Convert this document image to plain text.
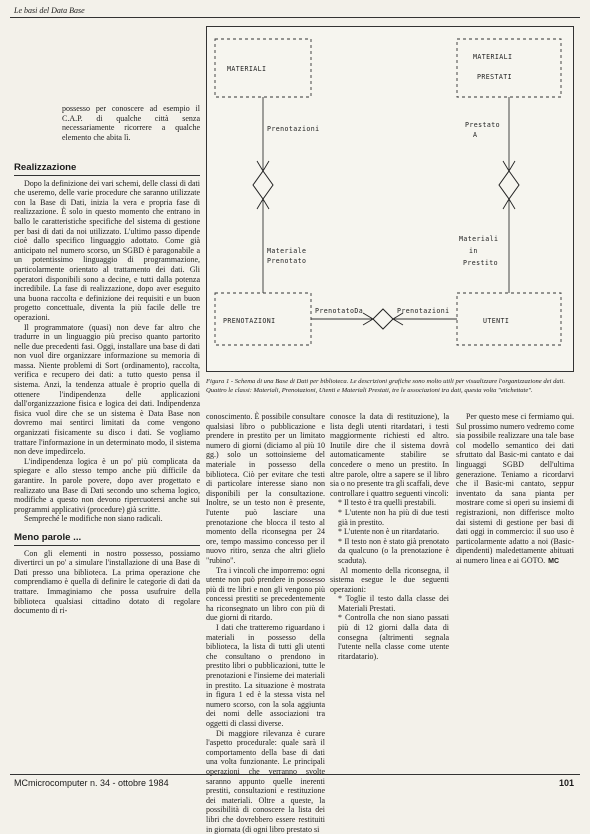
Le basi del Data Base
MATERIALI
MATERIALI
PRESTATI
PRENOTAZIONI	UTENTI
Prenotazioni	Prestato
A
Materiale
Prenotato
Materiali
in
Prestito
PrenotatoDa	Prenotazioni
Figura 1 - Schema di una Base di Dati per biblioteca. Le descrizioni grafiche sono molto utili per visualizzare l'organizzazione dei dati. Quattro le classi: Materiali, Prenotazioni, Utenti e Materiali Prestati, tre le associazioni tra dati, questa volta "etichettate".

possesso per conoscere ad esempio il C.A.P. di qualche città senza necessariamente ricorrere a qualche elemento che abita lì.

Realizzazione

Dopo la definizione dei vari schemi, delle classi di dati che useremo, delle varie procedure che saranno utilizzate con la Base di Dati, inizia la vera e propria fase di realizzazione. È solo in questo momento che entrano in ballo le caratteristiche specifiche del sistema di gestione per basi di dati da noi utilizzato. L'ultimo passo dipende cioè dallo specifico linguaggio adottato. Come già anticipato nel numero scorso, un SGBD è paragonabile a un potentissimo linguaggio di programmazione, particolarmente orientato al trattamento dei dati. Gli operatori disponibili sono a decine, e tutti dalla potenza incredibile. La fase di realizzazione, dopo aver eseguito una buona raccolta e definizione dei requisiti e un buon progetto concettuale, diventa la più facile delle tre operazioni.

Il programmatore (quasi) non deve far altro che tradurre in un linguaggio più preciso quanto partorito nelle due precedenti fasi. Oggi, installare una base di dati non vuol dire organizzare informazione su memoria di massa. Niente problemi di Sort (ordinamento), raccolta, verifica e recupero dei dati: a tutto questo pensa il sistema. Anzi, la tendenza attuale è proprio quella di ottenere l'indipendenza delle applicazioni dall'organizzazione fisica e logica dei dati. Indipendenza fisica vuol dire che se un sistema è Data Base non dovremo mai sentirci limitati da come vengono organizzati fisicamente su disco i dati. Se vogliamo trattare l'informazione in un determinato modo, il sistema non deve impedircelo.

L'indipendenza logica è un po' più complicata da spiegare e allo stesso tempo anche più difficile da garantire. In parole povere, dopo aver progettato e realizzato una Base di Dati secondo uno schema logico, modifiche a questo non devono ripercuotersi anche sui programmi applicativi (procedure) già scritte.

Sempreché le modifiche non siano radicali.

Meno parole ...

Con gli elementi in nostro possesso, possiamo divertirci un po' a simulare l'installazione di una Base di Dati presso una biblioteca. La prima operazione che comprendiamo è quella di definire le categorie di dati da trattare. Immaginiamo che possa usufruire della biblioteca qualsiasi cittadino dotato di regolare documento di ri-

conoscimento. È possibile consultare qualsiasi libro o pubblicazione e prendere in prestito per un limitato numero di giorni (diciamo al più 10 gg.) solo un sottoinsieme del materiale in possesso della biblioteca. Ciò per evitare che testi di particolare interesse siano non disponibili per la consultazione. Inoltre, se un testo non è presente, l'utente può lasciare una prenotazione che blocca il testo al momento della riconsegna per 24 ore, tempo massimo concesso per il nuovo ritiro, senza che altri glielo "rubino".

Tra i vincoli che imporremo: ogni utente non può prendere in possesso più di tre libri e non gli vengono più concessi prestiti se precedentemente ha riconsegnato un libro con più di due giorni di ritardo.

I dati che tratteremo riguardano i materiali in possesso della biblioteca, la lista di tutti gli utenti che consultano o prendono in prestito libri o pubblicazioni, tutte le prenotazioni e l'insieme dei materiali in prestito. La situazione è mostrata in figura 1 ed è la stessa vista nel numero scorso, con la sola aggiunta dei nomi delle associazioni tra oggetti di classi diverse.

Di maggiore rilevanza è curare l'aspetto procedurale: quale sarà il comportamento della base di dati una volta funzionante. Le principali operazioni che verranno svolte saranno appunto quelle inerenti prestiti, consultazioni e restituzione dei materiali. Oltre a queste, la possibilità di conoscere la lista dei libri che dovrebbero essere restituiti in giornata (di ogni libro prestato si

conosce la data di restituzione), la lista degli utenti ritardatari, i testi maggiormente richiesti ed altro. Inutile dire che il sistema dovrà automaticamente stabilire se concedere o meno un prestito. In altre parole, oltre a sapere se il libro sia o no presente tra gli scaffali, deve controllare i quattro seguenti vincoli:

* Il testo è tra quelli prestabili.

* L'utente non ha più di due testi già in prestito.

* L'utente non è un ritardatario.

* Il testo non è stato già prenotato da qualcuno (o la prenotazione è scaduta).

Al momento della riconsegna, il sistema esegue le due seguenti operazioni:

* Toglie il testo dalla classe dei Materiali Prestati.

* Controlla che non siano passati più di 12 giorni dalla data di consegna (altrimenti segnala l'utente nella classe come utente ritardatario).

Per questo mese ci fermiamo qui. Sul prossimo numero vedremo come sia possibile realizzare una tale base col modello semantico dei dati sfruttato dal Basic-mi cantato e dai linguaggi SGBD dell'ultima generazione. Teniamo a ricordarvi che il Basic-mi cantato, seppur inventato da sana pianta per mostrare come si operi su insiemi di registrazioni, non differisce molto dai sistemi di gestione per basi di dati oggi in commercio: il suo uso è particolarmente adatto a noi (Basic-dipendenti) maledettamente abituati ai numero linea e ai GOTO. MC

MCmicrocomputer n. 34 - ottobre 1984	101
